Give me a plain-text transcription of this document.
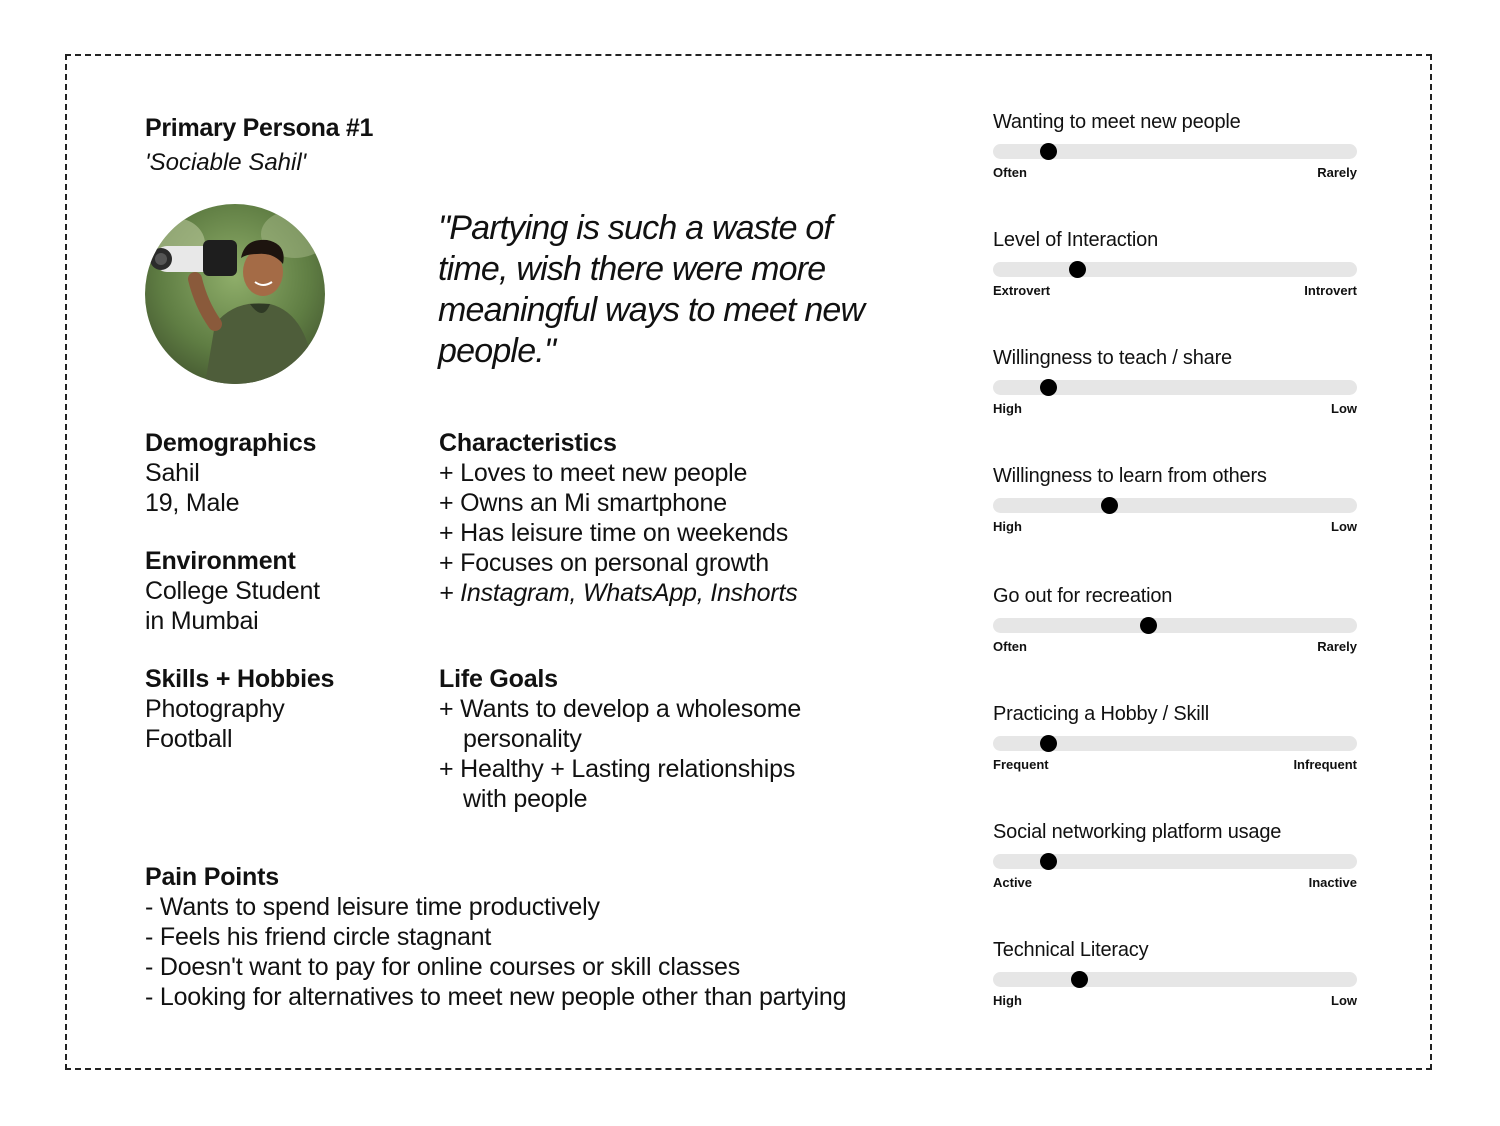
Primary Persona #1
'Sociable Sahil'
"Partying is such a waste of time, wish there were more meaningful ways to meet new people."
Demographics
Sahil
19, Male
Environment
College Student
in Mumbai
Skills + Hobbies
Photography
Football
Characteristics
+ Loves to meet new people
+ Owns an Mi smartphone
+ Has leisure time on weekends
+ Focuses on personal growth
+ Instagram, WhatsApp, Inshorts
Life Goals
+ Wants to develop a wholesome
personality
+ Healthy + Lasting relationships
with people
Pain Points
- Wants to spend leisure time productively
- Feels his friend circle stagnant
- Doesn't want to pay for online courses or skill classes
- Looking for alternatives to meet new people other than partying
Wanting to meet new people
Often	Rarely
Level of Interaction
Extrovert	Introvert
Willingness to teach / share
High	Low
Willingness to learn from others
High	Low
Go out for recreation
Often	Rarely
Practicing a Hobby / Skill
Frequent	Infrequent
Social networking platform usage
Active	Inactive
Technical Literacy
High	Low
